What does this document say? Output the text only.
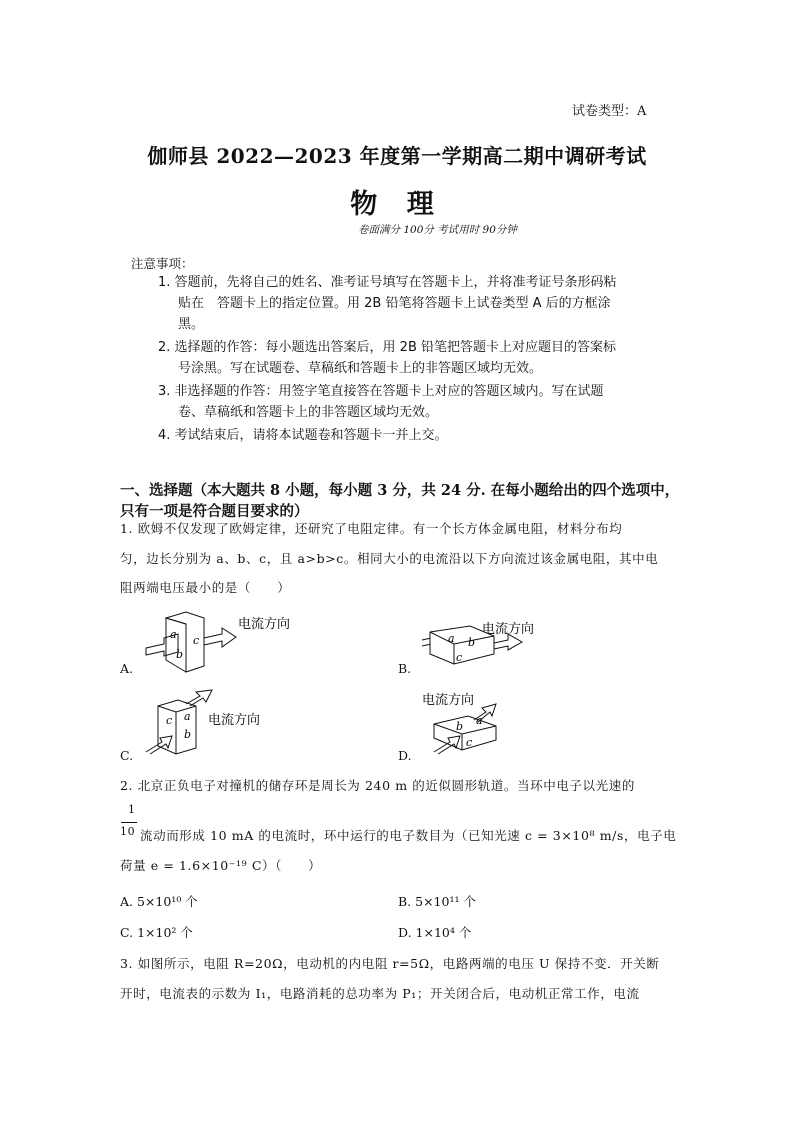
试卷类型：A
伽师县 2022—2023 年度第一学期高二期中调研考试
物 理
卷面满分 100分 考试用时 90分钟
注意事项：
1. 答题前，先将自己的姓名、准考证号填写在答题卡上，并将准考证号条形码粘
贴在　答题卡上的指定位置。用 2B 铅笔将答题卡上试卷类型 A 后的方框涂
黑。
2. 选择题的作答：每小题选出答案后，用 2B 铅笔把答题卡上对应题目的答案标
号涂黑。写在试题卷、草稿纸和答题卡上的非答题区域均无效。
3. 非选择题的作答：用签字笔直接答在答题卡上对应的答题区域内。写在试题
卷、草稿纸和答题卡上的非答题区域均无效。
4. 考试结束后，请将本试题卷和答题卡一并上交。
一、选择题（本大题共 8 小题，每小题 3 分，共 24 分. 在每小题给出的四个选项中，只有一项是符合题目要求的）
1. 欧姆不仅发现了欧姆定律，还研究了电阻定律。有一个长方体金属电阻，材料分布均
匀，边长分别为 a、b、c，且 a>b>c。相同大小的电流沿以下方向流过该金属电阻，其中电
阻两端电压最小的是（　　）
电流方向
a
b
c
A.
电流方向
a b
c
B.
电流方向
c a
b
C.
电流方向
b a
c
D.
2. 北京正负电子对撞机的储存环是周长为 240 m 的近似圆形轨道。当环中电子以光速的
1
10 流动而形成 10 mA 的电流时，环中运行的电子数目为（已知光速 c = 3×10⁸ m/s，电子电
荷量 e = 1.6×10⁻¹⁹ C）（　　）
A. 5×10¹⁰ 个	B. 5×10¹¹ 个
C. 1×10² 个	D. 1×10⁴ 个
3. 如图所示，电阻 R=20Ω，电动机的内电阻 r=5Ω，电路两端的电压 U 保持不变．开关断
开时，电流表的示数为 I₁，电路消耗的总功率为 P₁；开关闭合后，电动机正常工作，电流
